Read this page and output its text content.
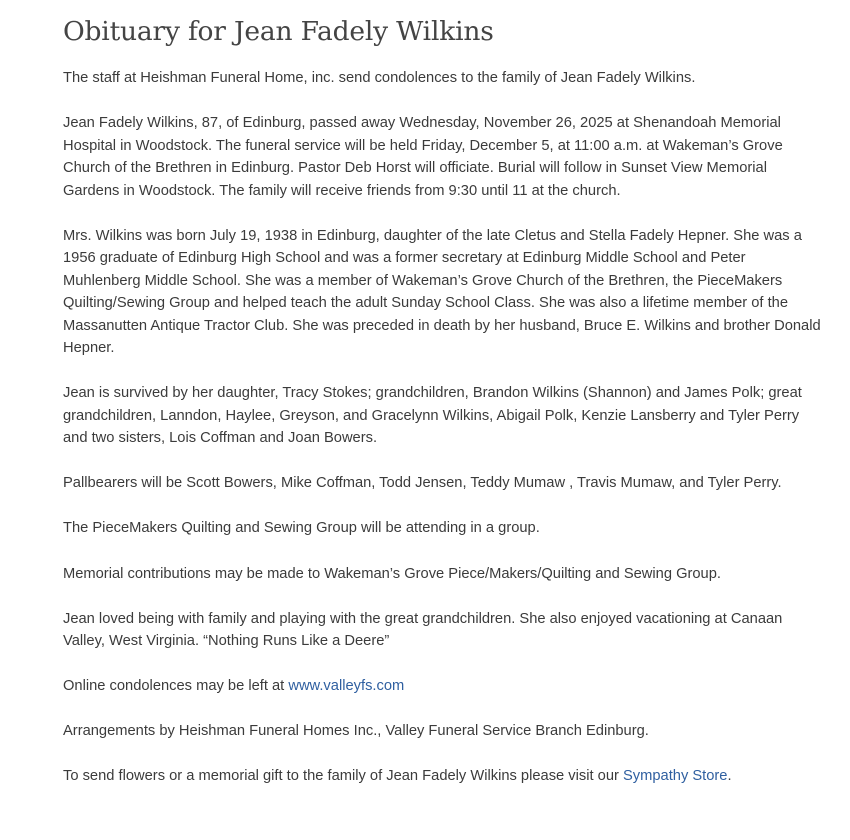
Obituary for Jean Fadely Wilkins

The staff at Heishman Funeral Home, inc. send condolences to the family of Jean Fadely Wilkins.

Jean Fadely Wilkins, 87, of Edinburg, passed away Wednesday, November 26, 2025 at Shenandoah Memorial Hospital in Woodstock. The funeral service will be held Friday, December 5, at 11:00 a.m. at Wakeman’s Grove Church of the Brethren in Edinburg. Pastor Deb Horst will officiate. Burial will follow in Sunset View Memorial Gardens in Woodstock. The family will receive friends from 9:30 until 11 at the church.

Mrs. Wilkins was born July 19, 1938 in Edinburg, daughter of the late Cletus and Stella Fadely Hepner. She was a 1956 graduate of Edinburg High School and was a former secretary at Edinburg Middle School and Peter Muhlenberg Middle School. She was a member of Wakeman’s Grove Church of the Brethren, the PieceMakers Quilting/Sewing Group and helped teach the adult Sunday School Class. She was also a lifetime member of the Massanutten Antique Tractor Club. She was preceded in death by her husband, Bruce E. Wilkins and brother Donald Hepner.

Jean is survived by her daughter, Tracy Stokes; grandchildren, Brandon Wilkins (Shannon) and James Polk; great grandchildren, Lanndon, Haylee, Greyson, and Gracelynn Wilkins, Abigail Polk, Kenzie Lansberry and Tyler Perry and two sisters, Lois Coffman and Joan Bowers.

Pallbearers will be Scott Bowers, Mike Coffman, Todd Jensen, Teddy Mumaw , Travis Mumaw, and Tyler Perry.

The PieceMakers Quilting and Sewing Group will be attending in a group.

Memorial contributions may be made to Wakeman’s Grove Piece/Makers/Quilting and Sewing Group.

Jean loved being with family and playing with the great grandchildren. She also enjoyed vacationing at Canaan Valley, West Virginia. “Nothing Runs Like a Deere”

Online condolences may be left at www.valleyfs.com

Arrangements by Heishman Funeral Homes Inc., Valley Funeral Service Branch Edinburg.

To send flowers or a memorial gift to the family of Jean Fadely Wilkins please visit our Sympathy Store.
